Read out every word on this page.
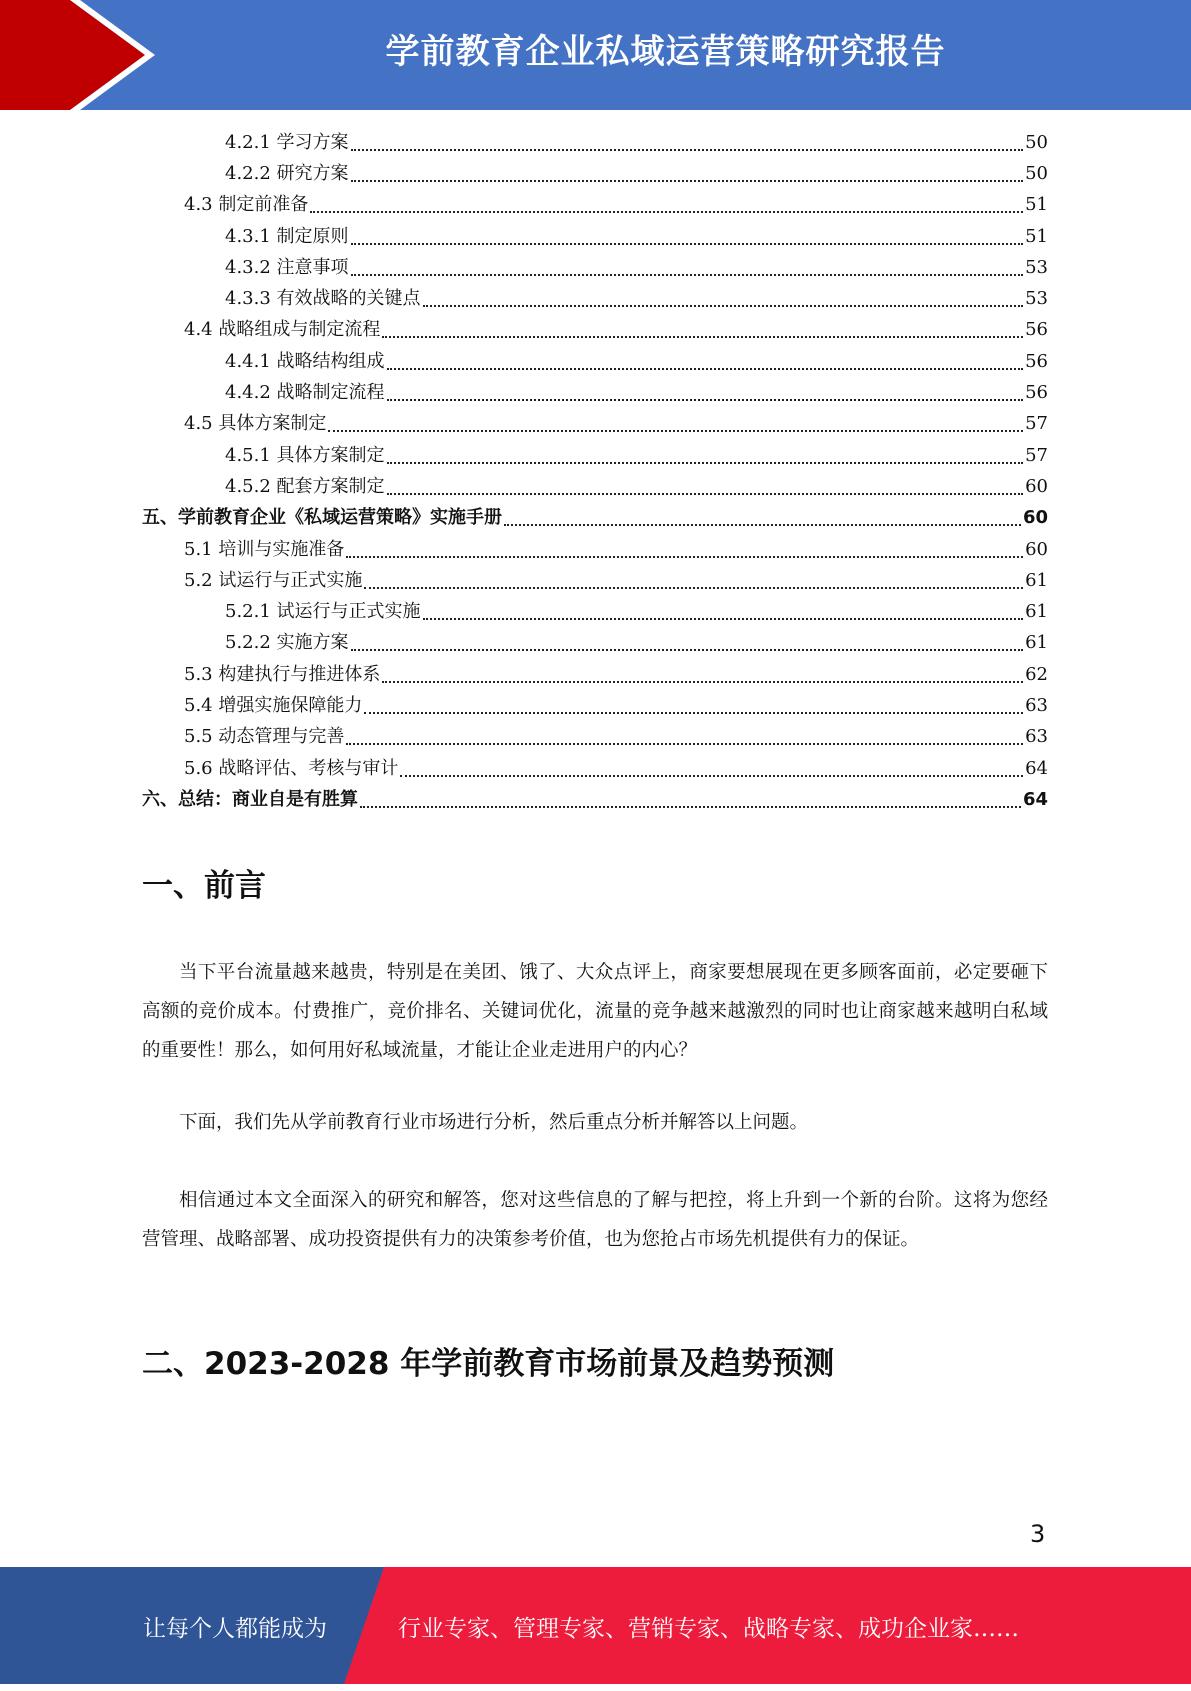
学前教育企业私域运营策略研究报告
4.2.1 学习方案	50
4.2.2 研究方案	50
4.3 制定前准备	51
4.3.1 制定原则	51
4.3.2 注意事项	53
4.3.3 有效战略的关键点	53
4.4 战略组成与制定流程	56
4.4.1 战略结构组成	56
4.4.2 战略制定流程	56
4.5 具体方案制定	57
4.5.1 具体方案制定	57
4.5.2 配套方案制定	60
五、学前教育企业《私域运营策略》实施手册	60
5.1 培训与实施准备	60
5.2 试运行与正式实施	61
5.2.1 试运行与正式实施	61
5.2.2 实施方案	61
5.3 构建执行与推进体系	62
5.4 增强实施保障能力	63
5.5 动态管理与完善	63
5.6 战略评估、考核与审计	64
六、总结：商业自是有胜算	64
一、前言

当下平台流量越来越贵，特别是在美团、饿了、大众点评上，商家要想展现在更多顾客面前，必定要砸下高额的竞价成本。付费推广，竞价排名、关键词优化，流量的竞争越来越激烈的同时也让商家越来越明白私域的重要性！那么，如何用好私域流量，才能让企业走进用户的内心？

下面，我们先从学前教育行业市场进行分析，然后重点分析并解答以上问题。

相信通过本文全面深入的研究和解答，您对这些信息的了解与把控，将上升到一个新的台阶。这将为您经营管理、战略部署、成功投资提供有力的决策参考价值，也为您抢占市场先机提供有力的保证。

二、2023-2028 年学前教育市场前景及趋势预测
3
让每个人都能成为	行业专家、管理专家、营销专家、战略专家、成功企业家……
